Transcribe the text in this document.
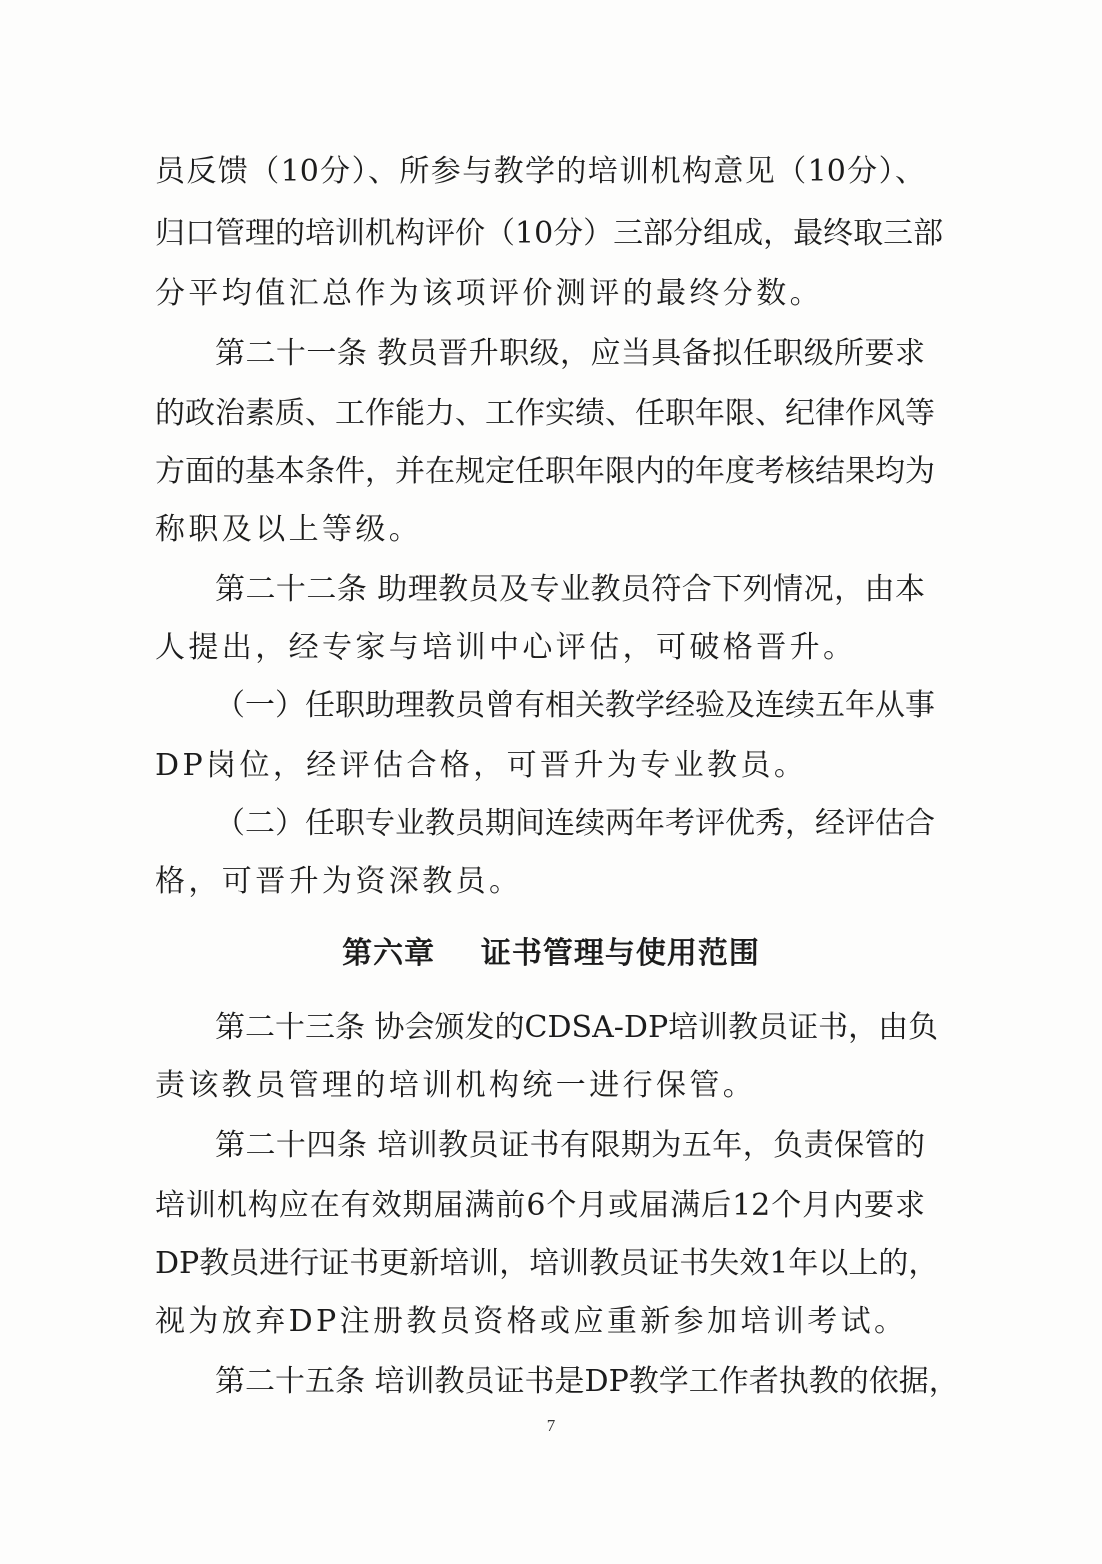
员反馈（10分）、所参与教学的培训机构意见（10分）、
归口管理的培训机构评价（10分）三部分组成，最终取三部
分平均值汇总作为该项评价测评的最终分数。
第二十一条 教员晋升职级，应当具备拟任职级所要求
的政治素质、工作能力、工作实绩、任职年限、纪律作风等
方面的基本条件，并在规定任职年限内的年度考核结果均为
称职及以上等级。
第二十二条 助理教员及专业教员符合下列情况，由本
人提出，经专家与培训中心评估，可破格晋升。
（一）任职助理教员曾有相关教学经验及连续五年从事
DP岗位，经评估合格，可晋升为专业教员。
（二）任职专业教员期间连续两年考评优秀，经评估合
格，可晋升为资深教员。
第六章    证书管理与使用范围
第二十三条 协会颁发的CDSA-DP培训教员证书，由负
责该教员管理的培训机构统一进行保管。
第二十四条 培训教员证书有限期为五年，负责保管的
培训机构应在有效期届满前6个月或届满后12个月内要求
DP教员进行证书更新培训，培训教员证书失效1年以上的，
视为放弃DP注册教员资格或应重新参加培训考试。
第二十五条 培训教员证书是DP教学工作者执教的依据，
7
